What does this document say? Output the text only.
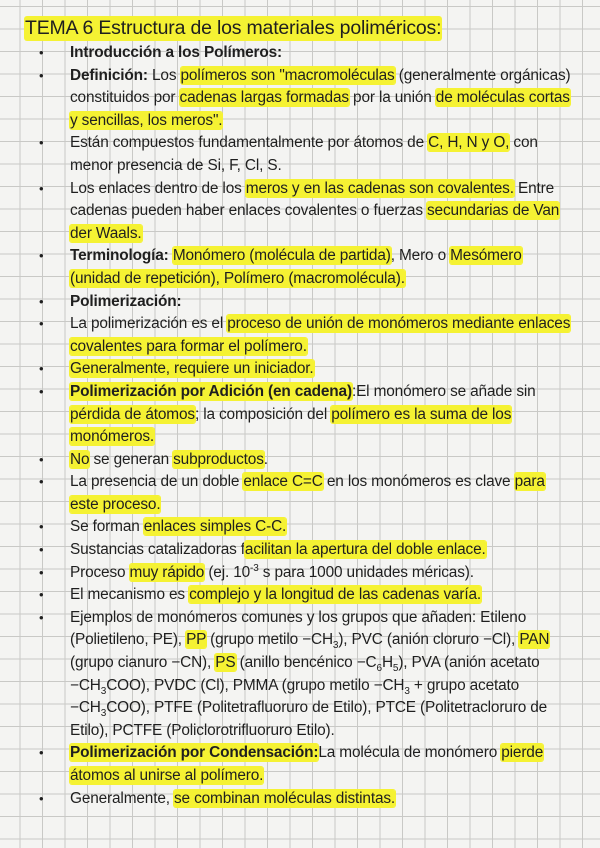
TEMA 6 Estructura de los materiales poliméricos:
• Introducción a los Polímeros:
• Definición: Los polímeros son "macromoléculas (generalmente orgánicas) constituidos por cadenas largas formadas por la unión de moléculas cortas y sencillas, los meros".
• Están compuestos fundamentalmente por átomos de C, H, N y O, con menor presencia de Si, F, Cl, S.
• Los enlaces dentro de los meros y en las cadenas son covalentes. Entre cadenas pueden haber enlaces covalentes o fuerzas secundarias de Van der Waals.
• Terminología: Monómero (molécula de partida), Mero o Mesómero (unidad de repetición), Polímero (macromolécula).
• Polimerización:
• La polimerización es el proceso de unión de monómeros mediante enlaces covalentes para formar el polímero.
• Generalmente, requiere un iniciador.
• Polimerización por Adición (en cadena):El monómero se añade sin pérdida de átomos; la composición del polímero es la suma de los monómeros.
• No se generan subproductos.
• La presencia de un doble enlace C=C en los monómeros es clave para este proceso.
• Se forman enlaces simples C-C.
• Sustancias catalizadoras facilitan la apertura del doble enlace.
• Proceso muy rápido (ej. $10^{-3}$ s para 1000 unidades méricas).
• El mecanismo es complejo y la longitud de las cadenas varía.
• Ejemplos de monómeros comunes y los grupos que añaden: Etileno (Polietileno, PE), PP (grupo metilo $-CH_3$), PVC (anión cloruro −Cl), PAN (grupo cianuro −CN), PS (anillo bencénico $-C_6H_5$), PVA (anión acetato $-CH_3COO$), PVDC (Cl), PMMA (grupo metilo $-CH_3$ + grupo acetato $-CH_3COO$), PTFE (Politetrafluoruro de Etilo), PTCE (Politetracloruro de Etilo), PCTFE (Policlorotrifluoruro Etilo).
• Polimerización por Condensación:La molécula de monómero pierde átomos al unirse al polímero.
• Generalmente, se combinan moléculas distintas.
